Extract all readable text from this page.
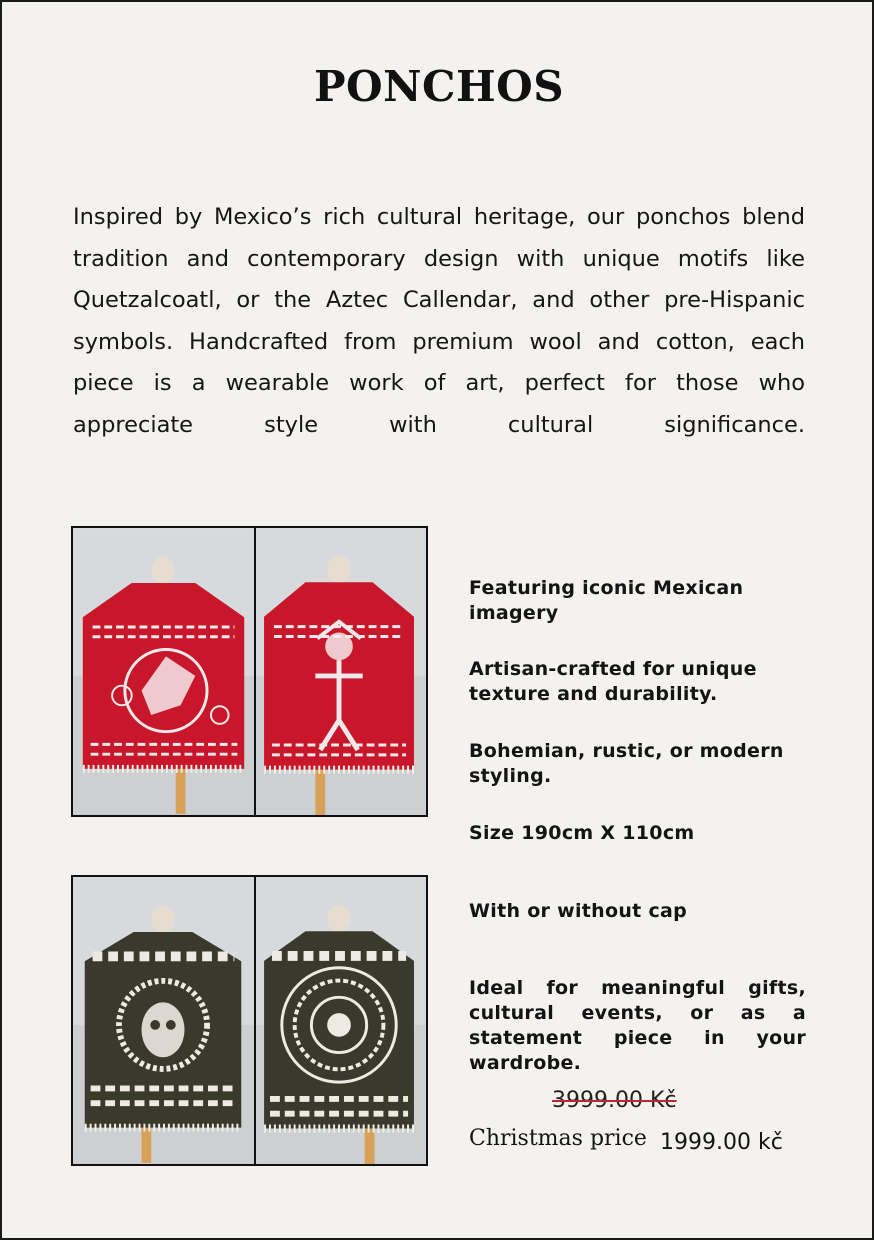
PONCHOS

Inspired by Mexico’s rich cultural heritage, our ponchos blend tradition and contemporary design with unique motifs like Quetzalcoatl, or the Aztec Callendar, and other pre-Hispanic symbols. Handcrafted from premium wool and cotton, each piece is a wearable work of art, perfect for those who appreciate style with cultural significance.

Featuring iconic Mexican imagery
Artisan-crafted for unique texture and durability.
Bohemian, rustic, or modern styling.
Size 190cm X 110cm
With or without cap
Ideal for meaningful gifts, cultural events, or as a statement piece in your wardrobe.
3999.00 Kč
Christmas price 1999.00 kč
